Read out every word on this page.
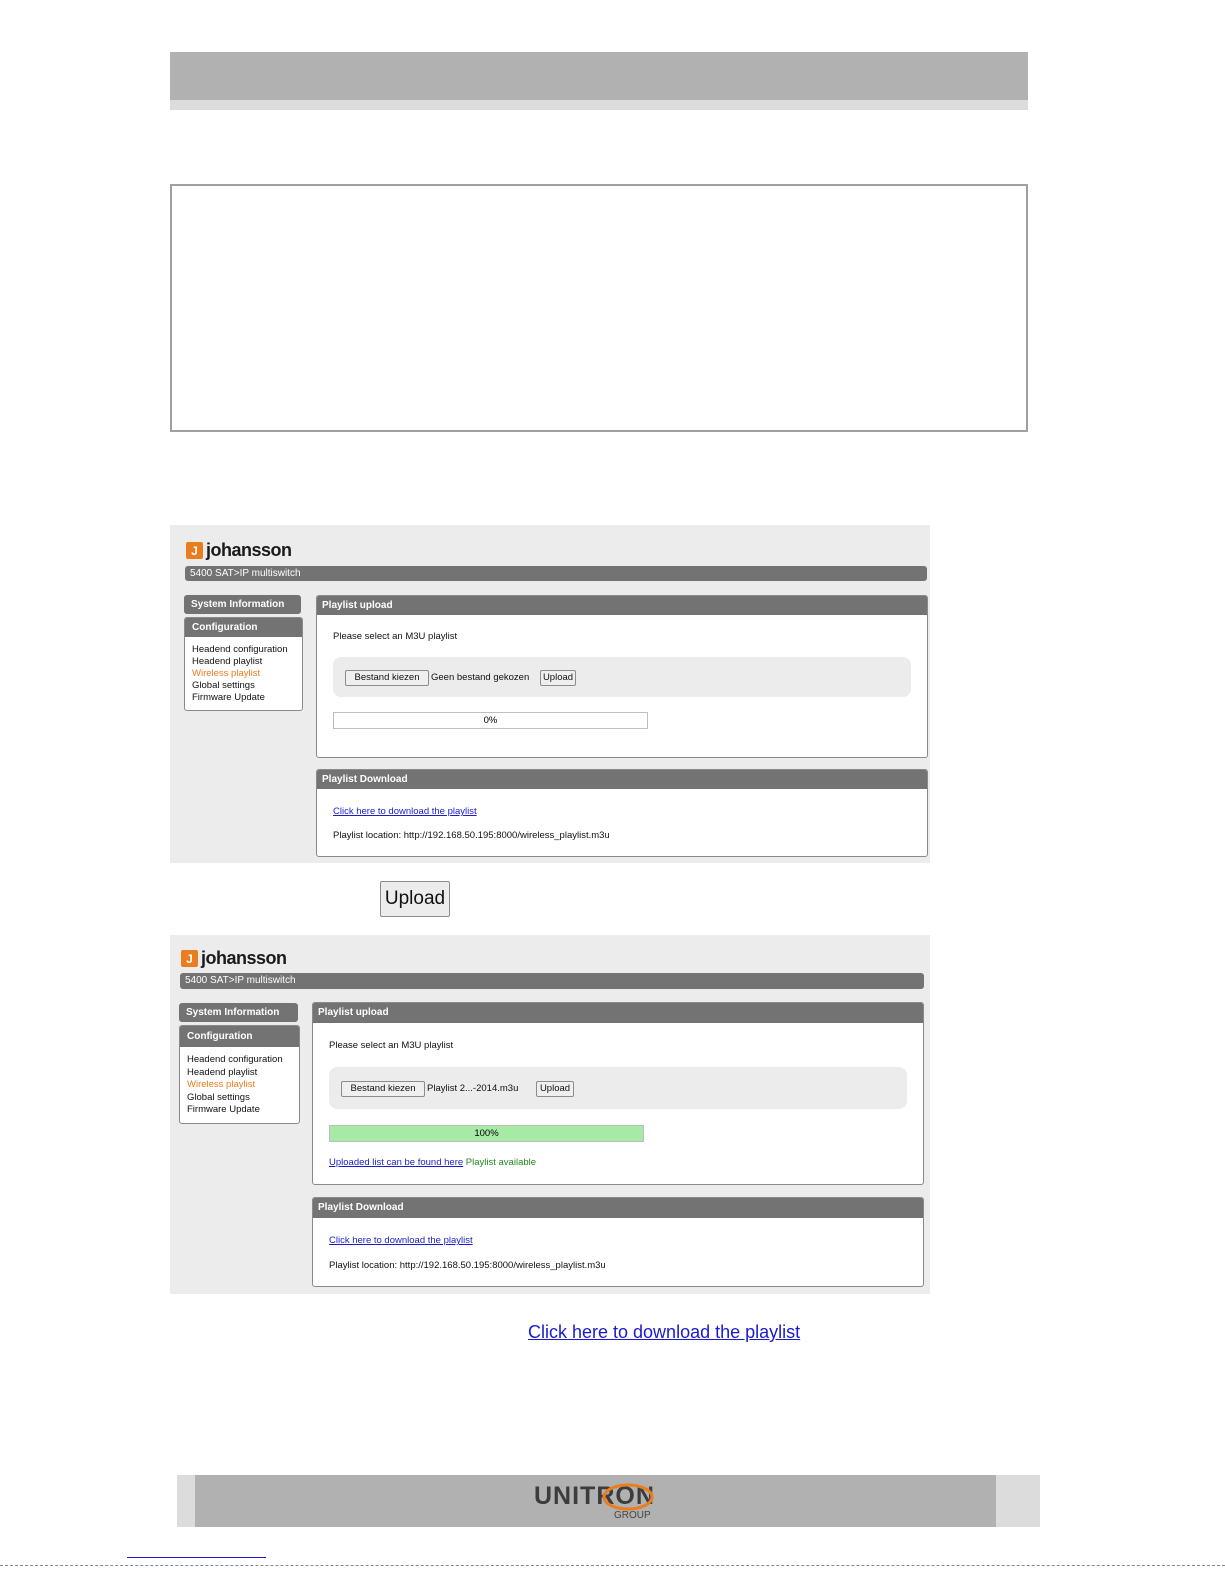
J johansson
5400 SAT>IP multiswitch
System Information
Configuration
Headend configuration
Headend playlist
Wireless playlist
Global settings
Firmware Update
Playlist upload
Please select an M3U playlist
Bestand kiezen	Geen bestand gekozen	Upload
0%
Playlist Download
Click here to download the playlist
Playlist location: http://192.168.50.195:8000/wireless_playlist.m3u
Upload
J johansson
5400 SAT>IP multiswitch
System Information
Configuration
Headend configuration
Headend playlist
Wireless playlist
Global settings
Firmware Update
Playlist upload
Please select an M3U playlist
Bestand kiezen	Playlist 2...-2014.m3u	Upload
100%
Uploaded list can be found here Playlist available
Playlist Download
Click here to download the playlist
Playlist location: http://192.168.50.195:8000/wireless_playlist.m3u
Click here to download the playlist
UNITRON
GROUP
